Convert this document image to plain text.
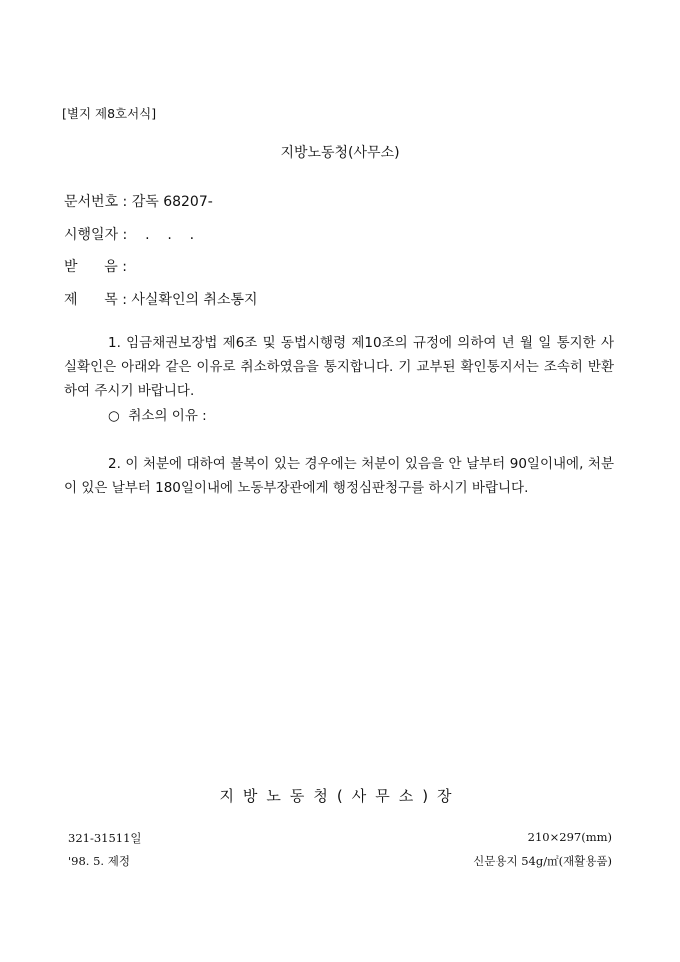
[별지 제8호서식]
지방노동청(사무소)
문서번호 : 감독 68207-
시행일자 :    .    .    .
받      음 :
제      목 : 사실확인의 취소통지
1. 임금채권보장법 제6조 및 동법시행령 제10조의 규정에 의하여 년 월 일 통지한 사실확인은 아래와 같은 이유로 취소하였음을 통지합니다. 기 교부된 확인통지서는 조속히 반환하여 주시기 바랍니다.
○  취소의 이유 :
2. 이 처분에 대하여 불복이 있는 경우에는 처분이 있음을 안 날부터 90일이내에, 처분이 있은 날부터 180일이내에 노동부장관에게 행정심판청구를 하시기 바랍니다.
지방노동청(사무소)장
321-31511일
'98. 5. 제정
210×297(mm)
신문용지 54g/㎡(재활용품)
